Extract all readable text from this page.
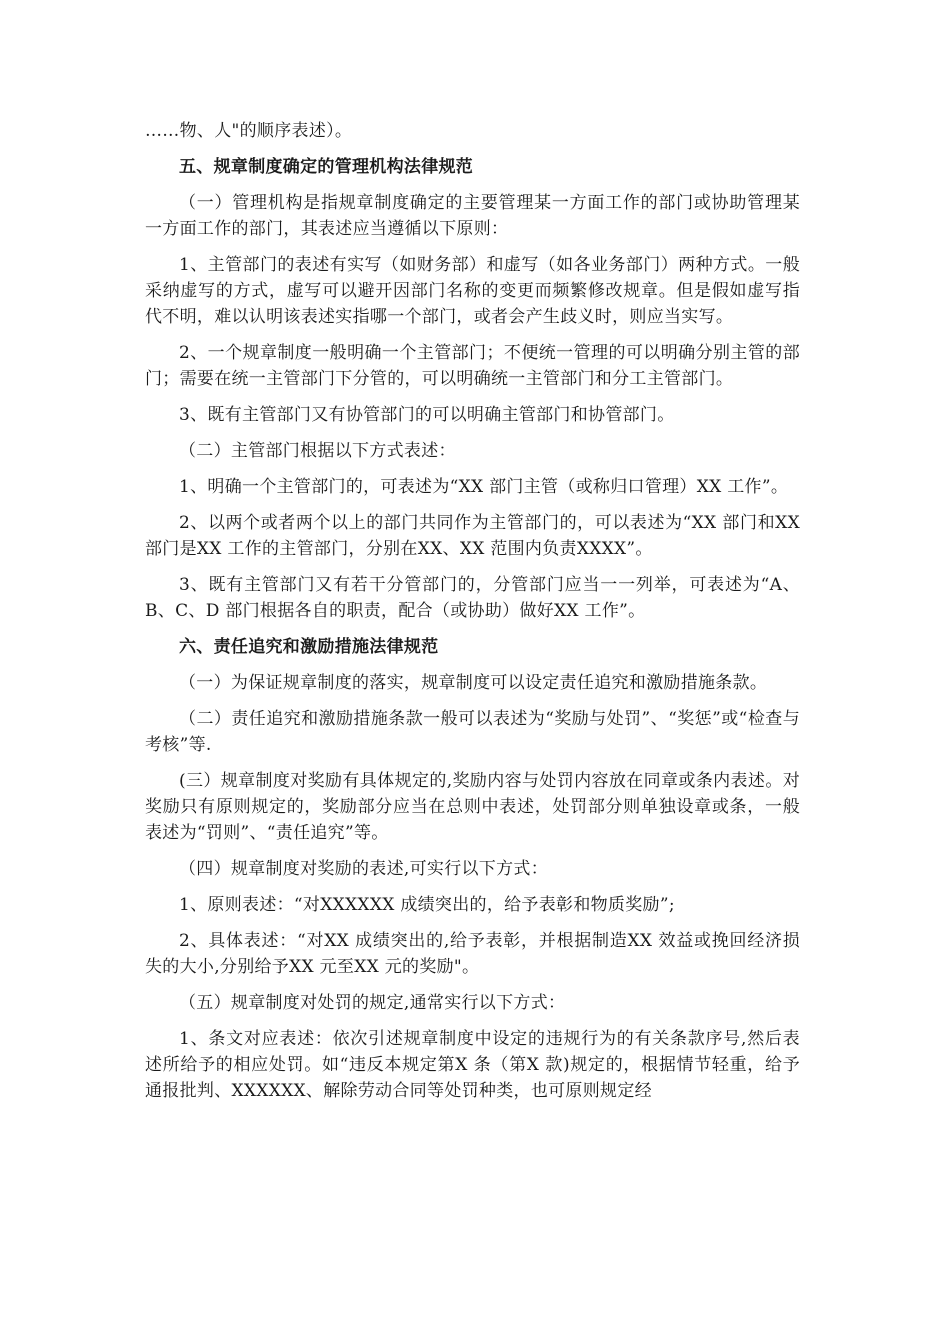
……物、人"的顺序表述）。

五、规章制度确定的管理机构法律规范

（一）管理机构是指规章制度确定的主要管理某一方面工作的部门或协助管理某一方面工作的部门，其表述应当遵循以下原则：

1、主管部门的表述有实写（如财务部）和虚写（如各业务部门）两种方式。一般采纳虚写的方式，虚写可以避开因部门名称的变更而频繁修改规章。但是假如虚写指代不明，难以认明该表述实指哪一个部门，或者会产生歧义时，则应当实写。

2、一个规章制度一般明确一个主管部门；不便统一管理的可以明确分别主管的部门；需要在统一主管部门下分管的，可以明确统一主管部门和分工主管部门。

3、既有主管部门又有协管部门的可以明确主管部门和协管部门。

（二）主管部门根据以下方式表述：

1、明确一个主管部门的，可表述为“XX 部门主管（或称归口管理）XX 工作”。

2、以两个或者两个以上的部门共同作为主管部门的，可以表述为“XX 部门和XX部门是XX 工作的主管部门，分别在XX、XX 范围内负责XXXX”。

3、既有主管部门又有若干分管部门的，分管部门应当一一列举，可表述为“A、B、C、D 部门根据各自的职责，配合（或协助）做好XX 工作”。

六、责任追究和激励措施法律规范

（一）为保证规章制度的落实，规章制度可以设定责任追究和激励措施条款。

（二）责任追究和激励措施条款一般可以表述为“奖励与处罚”、“奖惩”或“检查与考核”等.

(三）规章制度对奖励有具体规定的,奖励内容与处罚内容放在同章或条内表述。对奖励只有原则规定的，奖励部分应当在总则中表述，处罚部分则单独设章或条，一般表述为“罚则”、“责任追究”等。

（四）规章制度对奖励的表述,可实行以下方式：

1、原则表述：“对XXXXXX 成绩突出的，给予表彰和物质奖励”;

2、具体表述：“对XX 成绩突出的,给予表彰，并根据制造XX 效益或挽回经济损失的大小,分别给予XX 元至XX 元的奖励"。

（五）规章制度对处罚的规定,通常实行以下方式：

1、条文对应表述：依次引述规章制度中设定的违规行为的有关条款序号,然后表述所给予的相应处罚。如“违反本规定第X 条（第X 款)规定的，根据情节轻重，给予通报批判、XXXXXX、解除劳动合同等处罚种类，也可原则规定经
